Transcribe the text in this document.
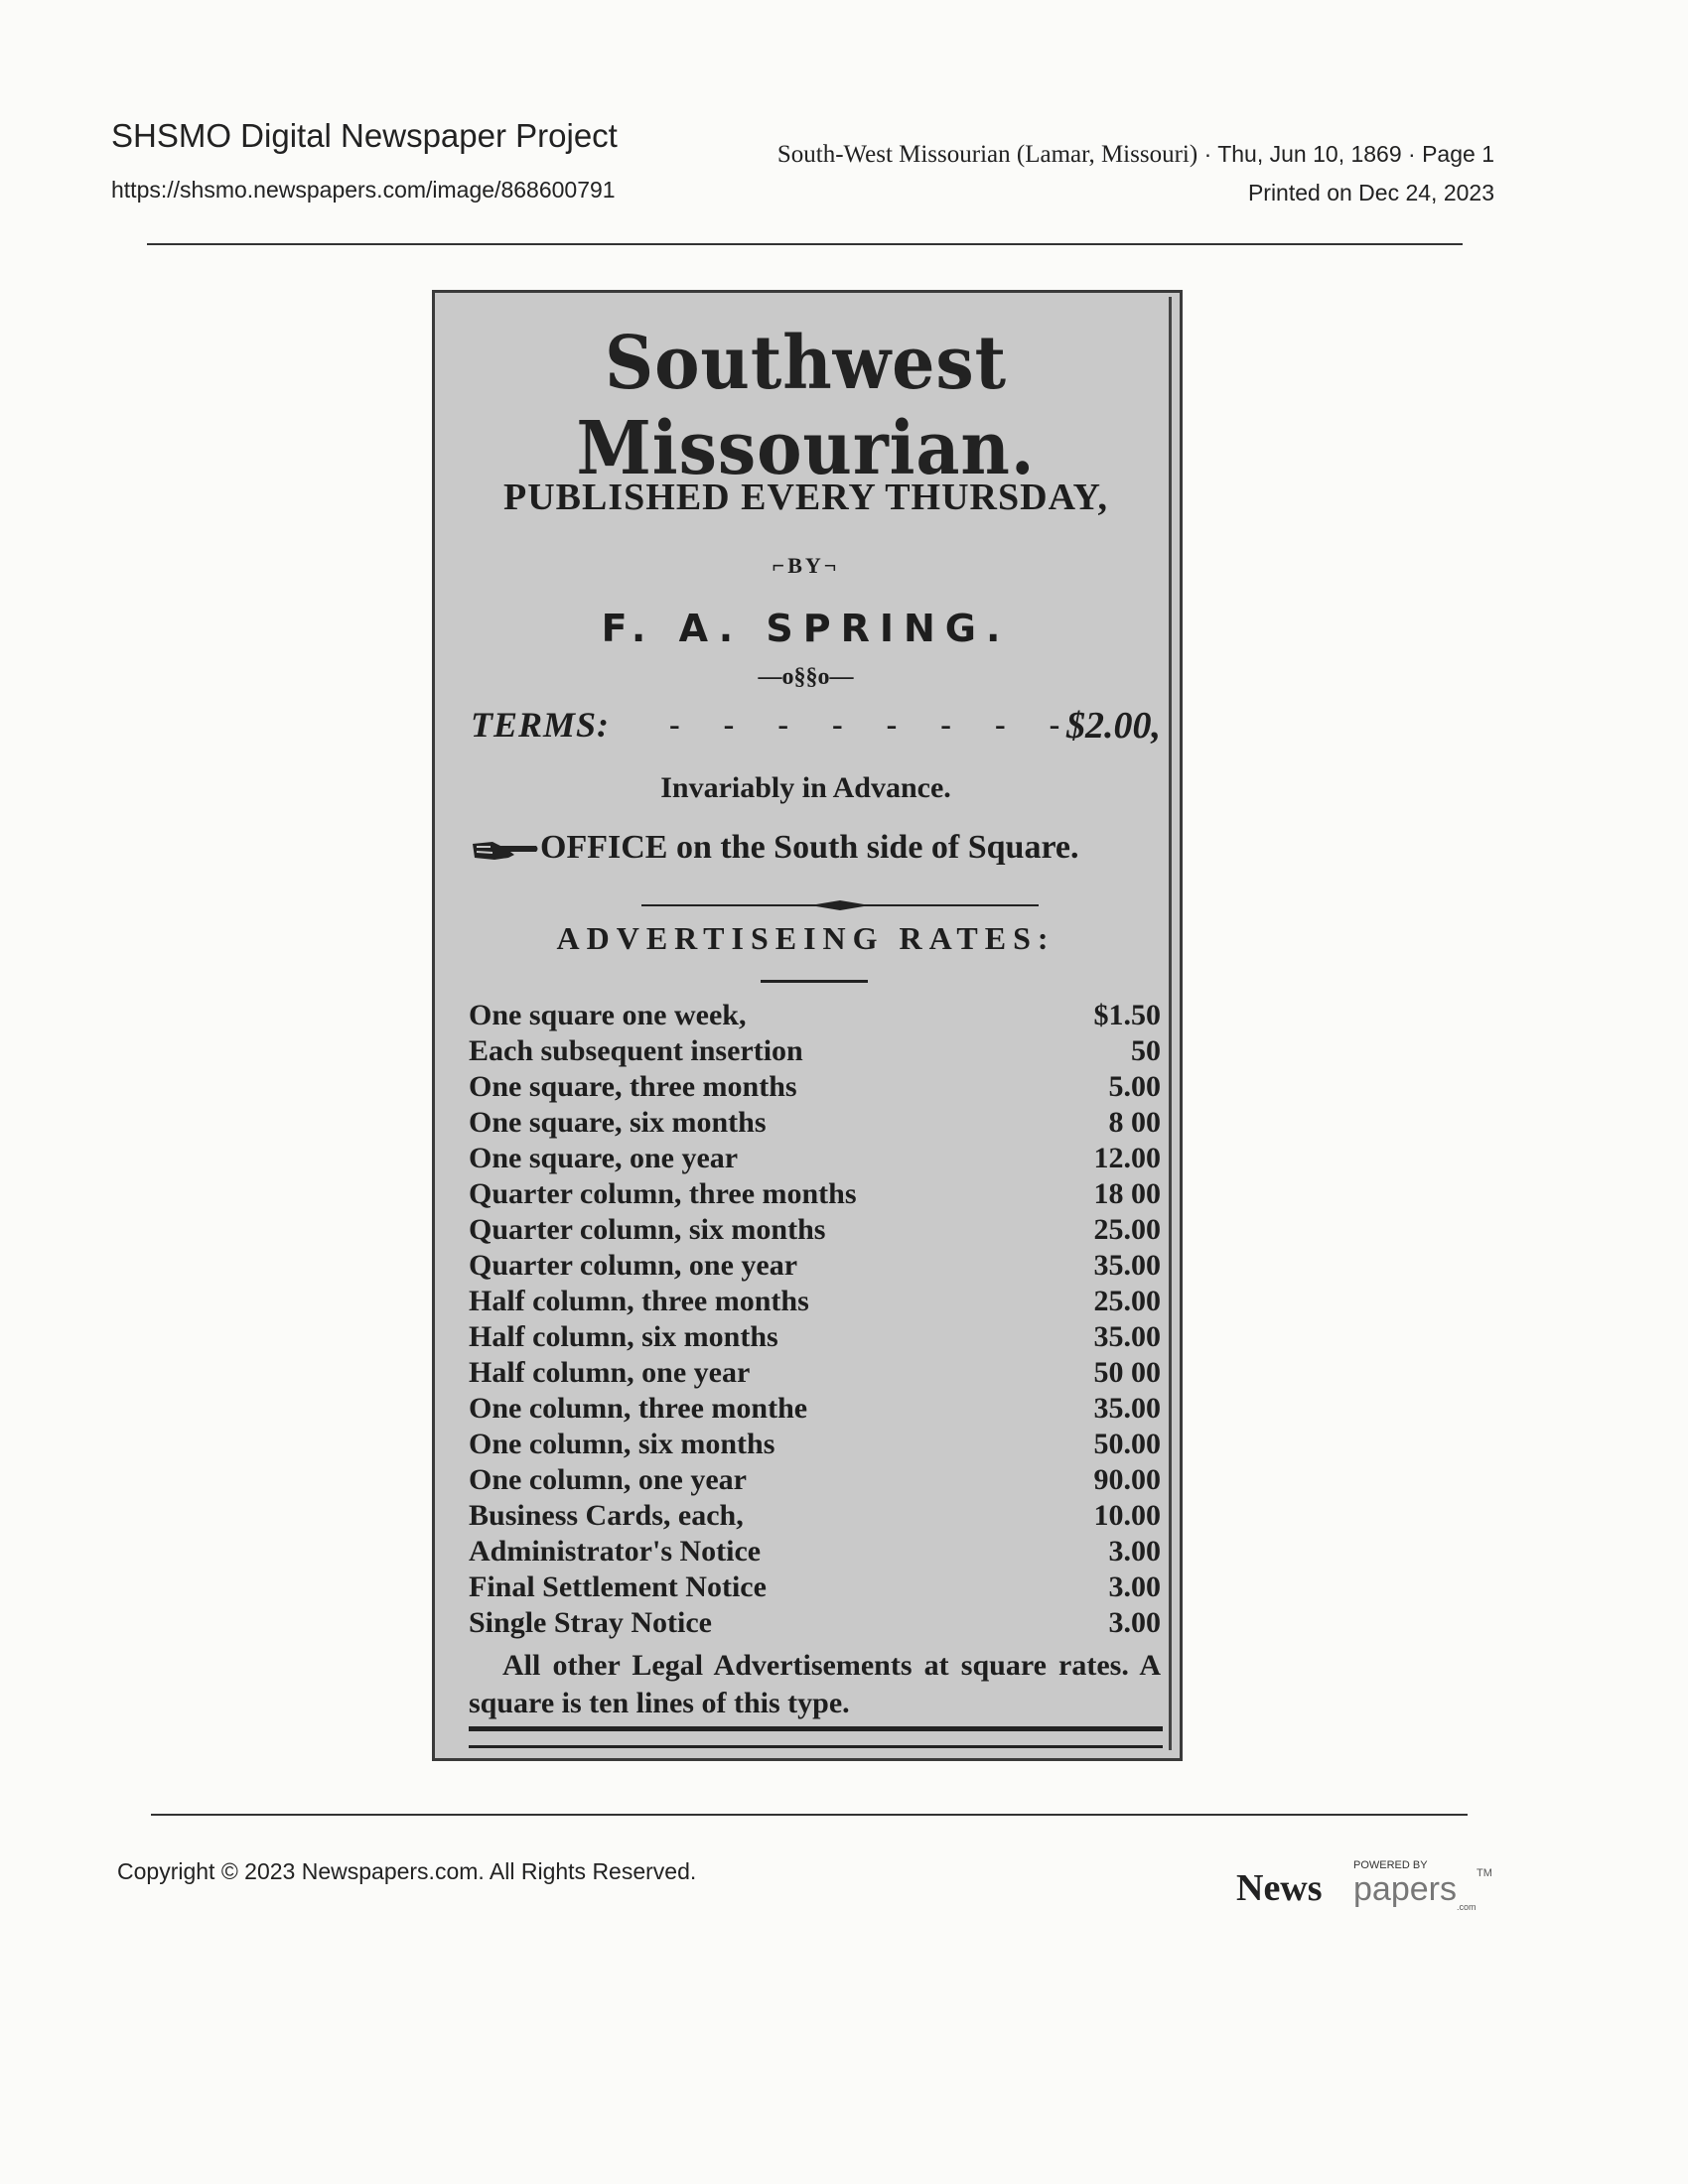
SHSMO Digital Newspaper Project
https://shsmo.newspapers.com/image/868600791
South-West Missourian (Lamar, Missouri) · Thu, Jun 10, 1869 · Page 1
Printed on Dec 24, 2023
Southwest Missourian.
PUBLISHED EVERY THURSDAY,
⌐BY¬
F. A. SPRING.
—o§§o—
TERMS: - - - - - - - -
$2.00,
Invariably in Advance.
OFFICE on the South side of Square.
ADVERTISEING RATES:
One square one week,	$1.50
Each subsequent insertion	50
One square, three months	5.00
One square, six months	8 00
One square, one year	12.00
Quarter column, three months	18 00
Quarter column, six months	25.00
Quarter column, one year	35.00
Half column, three months	25.00
Half column, six months	35.00
Half column, one year	50 00
One column, three monthe	35.00
One column, six months	50.00
One column, one year	90.00
Business Cards, each,	10.00
Administrator's Notice	3.00
Final Settlement Notice	3.00
Single Stray Notice	3.00
All other Legal Advertisements at square rates. A square is ten lines of this type.
Copyright © 2023 Newspapers.com. All Rights Reserved.	POWERED BY
News papers TM
.com
